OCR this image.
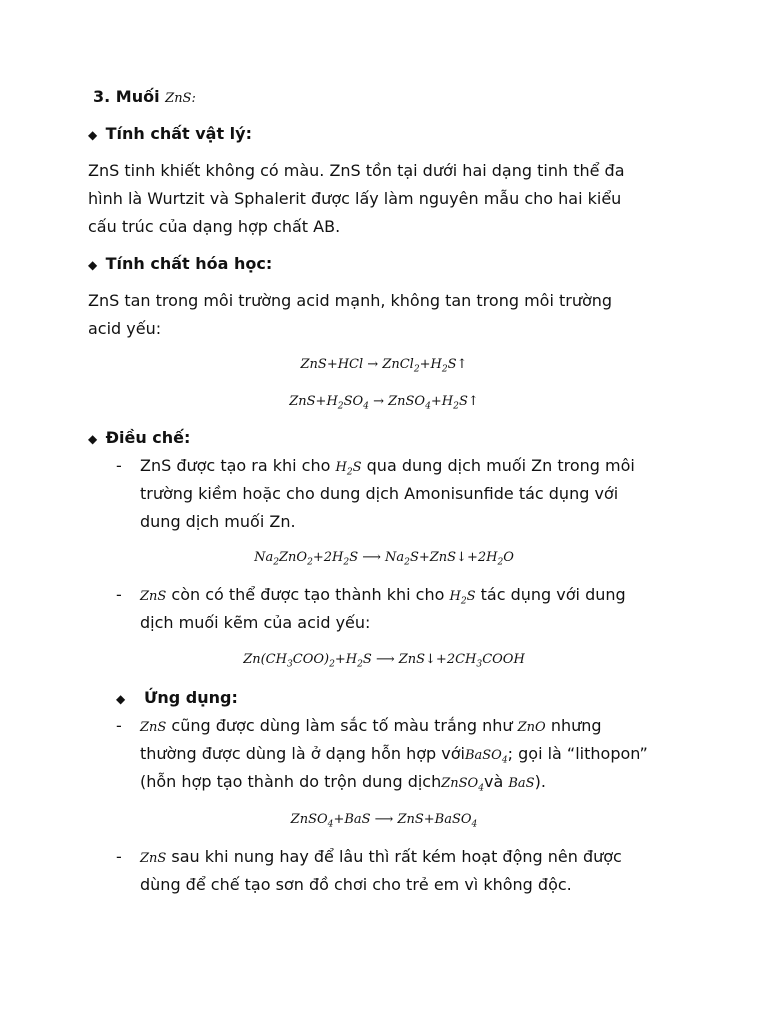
3. Muối ZnS:
◆ Tính chất vật lý:
ZnS tinh khiết không có màu. ZnS tồn tại dưới hai dạng tinh thể đa
hình là Wurtzit và Sphalerit được lấy làm nguyên mẫu cho hai kiểu
cấu trúc của dạng hợp chất AB.
◆ Tính chất hóa học:
ZnS tan trong môi trường acid mạnh, không tan trong môi trường
acid yếu:
$ZnS+HCl \to ZnCl_2+H_2S↑$
$ZnS+H_2SO_4$ → $ZnSO_4+H_2S↑$
◆ Điều chế:
- ZnS được tạo ra khi cho $H_2S$ qua dung dịch muối Zn trong môi
trường kiềm hoặc cho dung dịch Amonisunfide tác dụng với
dung dịch muối Zn.
$Na_2ZnO_2+2H_2S$ ⟶ $Na_2S+ZnS↓+2H_2O$
- ZnS còn có thể được tạo thành khi cho $H_2S$ tác dụng với dung
dịch muối kẽm của acid yếu:
$Zn(CH_3COO)_2+H_2S$ ⟶ $ZnS↓+2CH_3COOH$
◆ Ứng dụng:
- ZnS cũng được dùng làm sắc tố màu trắng như ZnO nhưng
thường được dùng là ở dạng hỗn hợp vớiBaSO$_4$; gọi là “lithopon”
(hỗn hợp tạo thành do trộn dung dịchZnSO$_4$và BaS).
ZnSO$_4$+BaS ⟶ ZnS+BaSO$_4$
- ZnS sau khi nung hay để lâu thì rất kém hoạt động nên được
dùng để chế tạo sơn đồ chơi cho trẻ em vì không độc.
